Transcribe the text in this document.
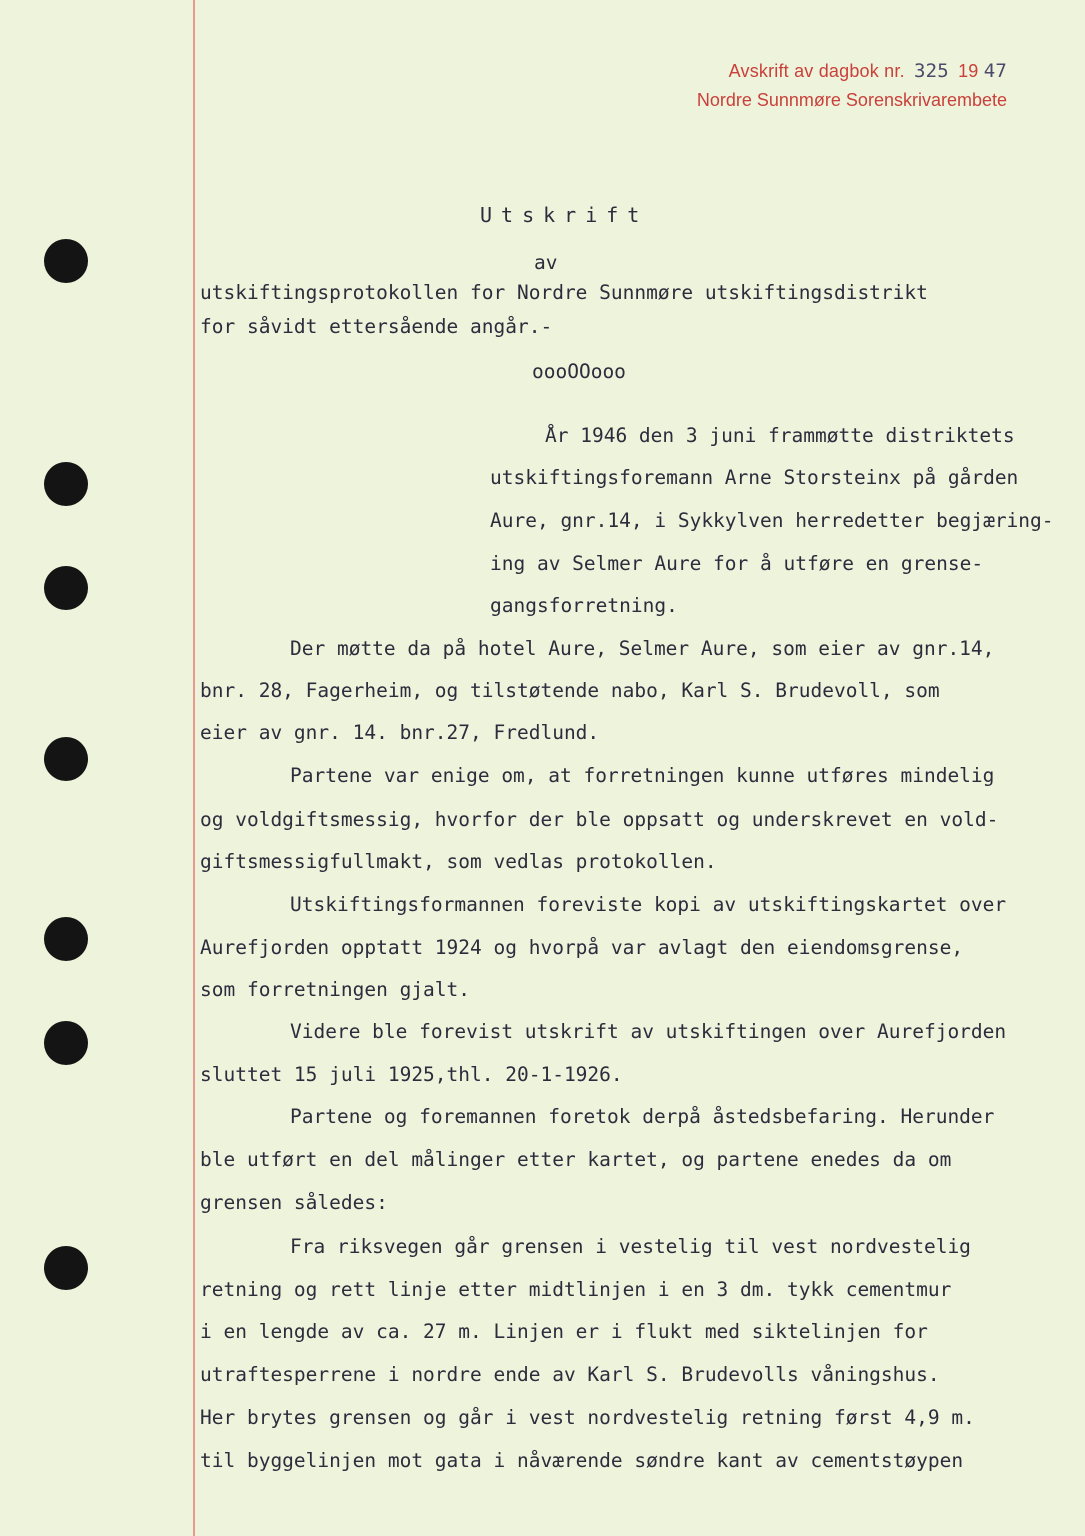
Avskrift av dagbok nr. 325 19 47
Nordre Sunnmøre Sorenskrivarembete
Utskrift
av
utskiftingsprotokollen for Nordre Sunnmøre utskiftingsdistrikt
for såvidt ettersående angår.-
oooOOooo
År 1946 den 3 juni frammøtte distriktets
utskiftingsforemann Arne Storsteinx på gården
Aure, gnr.14, i Sykkylven herredetter begjæring-
ing av Selmer Aure for å utføre en grense-
gangsforretning.
Der møtte da på hotel Aure, Selmer Aure, som eier av gnr.14,
bnr. 28, Fagerheim, og tilstøtende nabo, Karl S. Brudevoll, som
eier av gnr. 14. bnr.27, Fredlund.
Partene var enige om, at forretningen kunne utføres mindelig
og voldgiftsmessig, hvorfor der ble oppsatt og underskrevet en vold-
giftsmessigfullmakt, som vedlas protokollen.
Utskiftingsformannen foreviste kopi av utskiftingskartet over
Aurefjorden opptatt 1924 og hvorpå var avlagt den eiendomsgrense,
som forretningen gjalt.
Videre ble forevist utskrift av utskiftingen over Aurefjorden
sluttet 15 juli 1925,thl. 20-1-1926.
Partene og foremannen foretok derpå åstedsbefaring. Herunder
ble utført en del målinger etter kartet, og partene enedes da om
grensen således:
Fra riksvegen går grensen i vestelig til vest nordvestelig
retning og rett linje etter midtlinjen i en 3 dm. tykk cementmur
i en lengde av ca. 27 m. Linjen er i flukt med siktelinjen for
utraftesperrene i nordre ende av Karl S. Brudevolls våningshus.
Her brytes grensen og går i vest nordvestelig retning først 4,9 m.
til byggelinjen mot gata i nåværende søndre kant av cementstøypen
